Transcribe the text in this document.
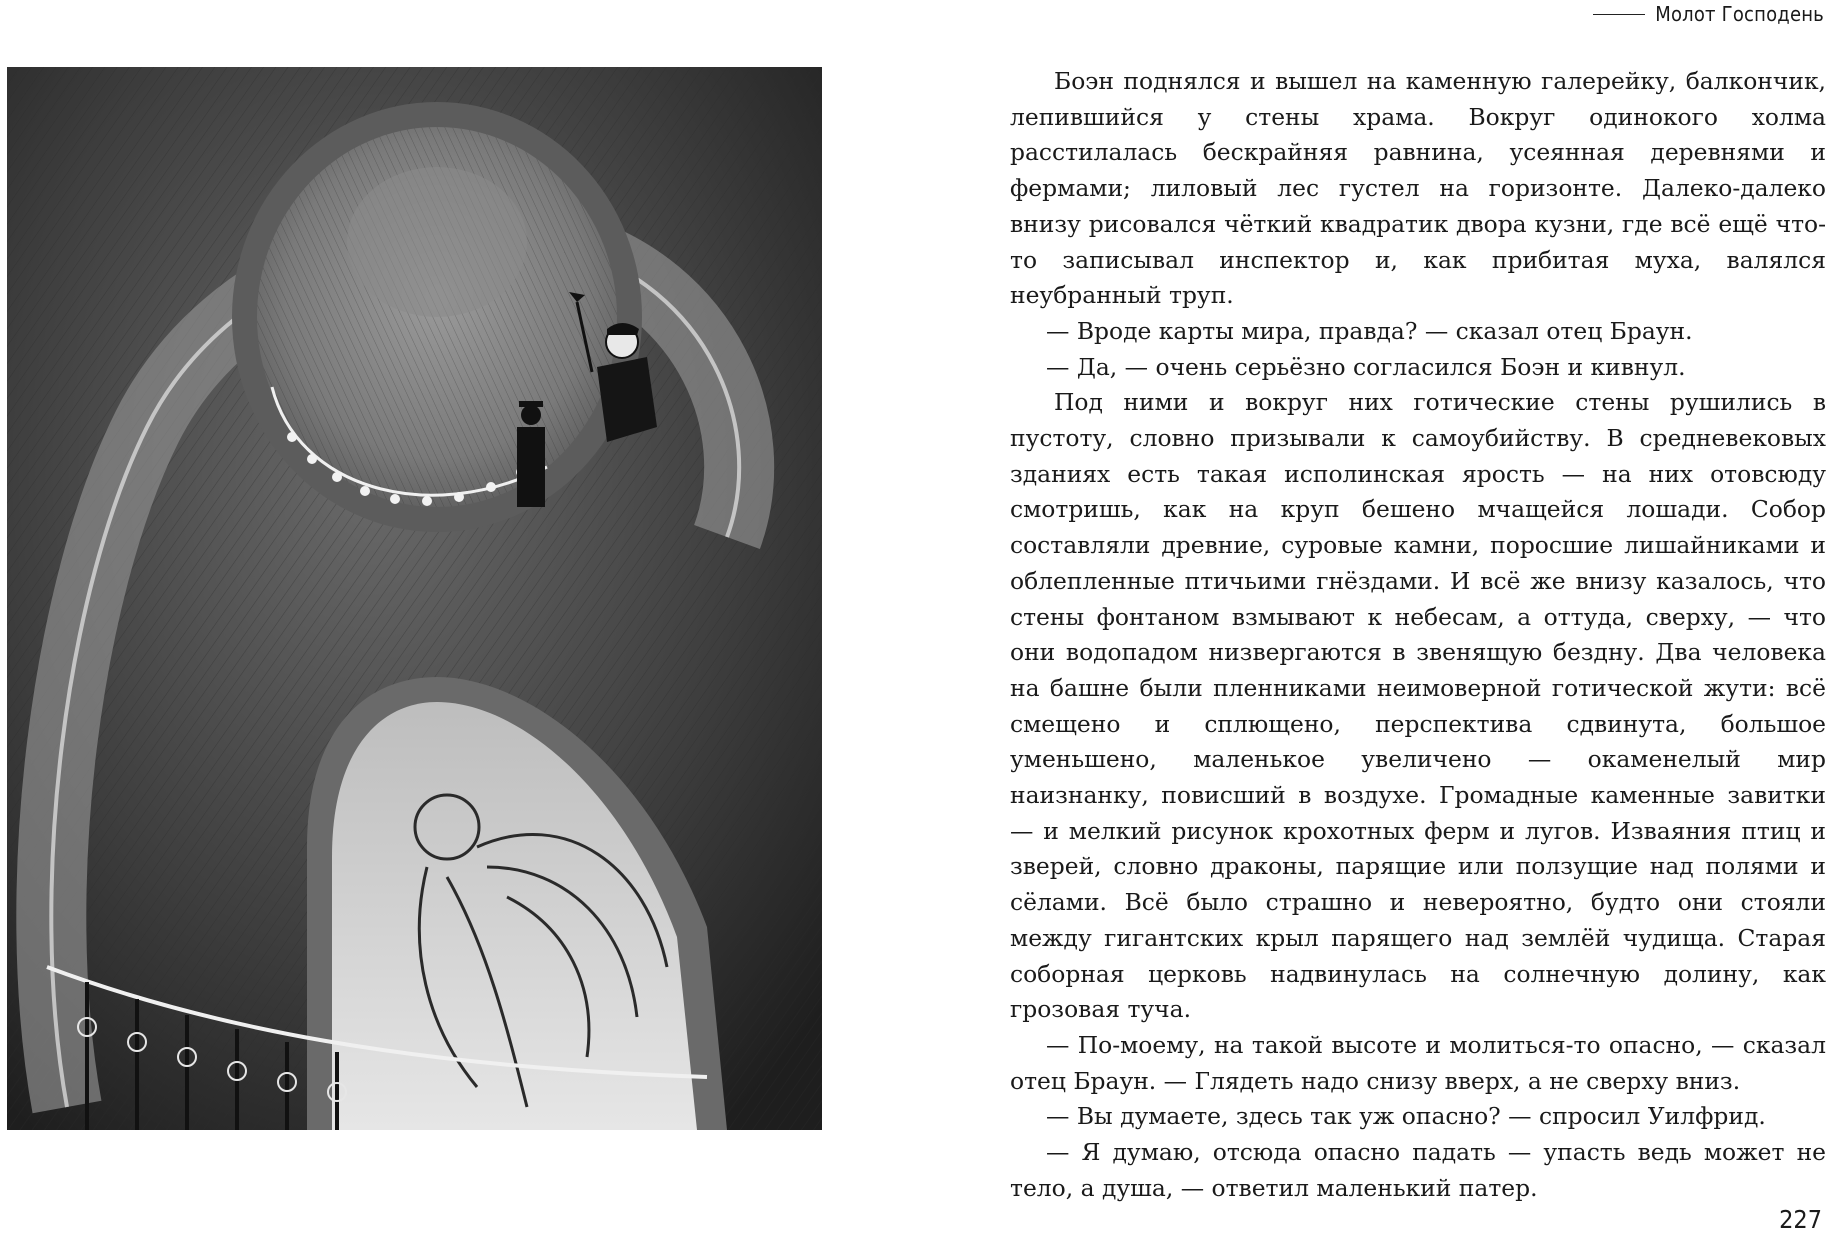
Молот Господень

Боэн поднялся и вышел на каменную галерейку, балкончик, лепившийся у стены храма. Вокруг одинокого холма расстилалась бескрайняя равнина, усеянная деревнями и фермами; лиловый лес густел на горизонте. Далеко-далеко внизу рисовался чёткий квадратик двора кузни, где всё ещё что-то записывал инспектор и, как прибитая муха, валялся неубранный труп.

— Вроде карты мира, правда? — сказал отец Браун.

— Да, — очень серьёзно согласился Боэн и кивнул.

Под ними и вокруг них готические стены рушились в пустоту, словно призывали к самоубийству. В средневековых зданиях есть такая исполинская ярость — на них отовсюду смотришь, как на круп бешено мчащейся лошади. Собор составляли древние, суровые камни, поросшие лишайниками и облепленные птичьими гнёздами. И всё же внизу казалось, что стены фонтаном взмывают к небесам, а оттуда, сверху, — что они водопадом низвергаются в звенящую бездну. Два человека на башне были пленниками неимоверной готической жути: всё смещено и сплющено, перспектива сдвинута, большое уменьшено, маленькое увеличено — окаменелый мир наизнанку, повисший в воздухе. Громадные каменные завитки — и мелкий рисунок крохотных ферм и лугов. Изваяния птиц и зверей, словно драконы, парящие или ползущие над полями и сёлами. Всё было страшно и невероятно, будто они стояли между гигантских крыл парящего над землёй чудища. Старая соборная церковь надвинулась на солнечную долину, как грозовая туча.

— По-моему, на такой высоте и молиться-то опасно, — сказал отец Браун. — Глядеть надо снизу вверх, а не сверху вниз.

— Вы думаете, здесь так уж опасно? — спросил Уилфрид.

— Я думаю, отсюда опасно падать — упасть ведь может не тело, а душа, — ответил маленький патер.

227
